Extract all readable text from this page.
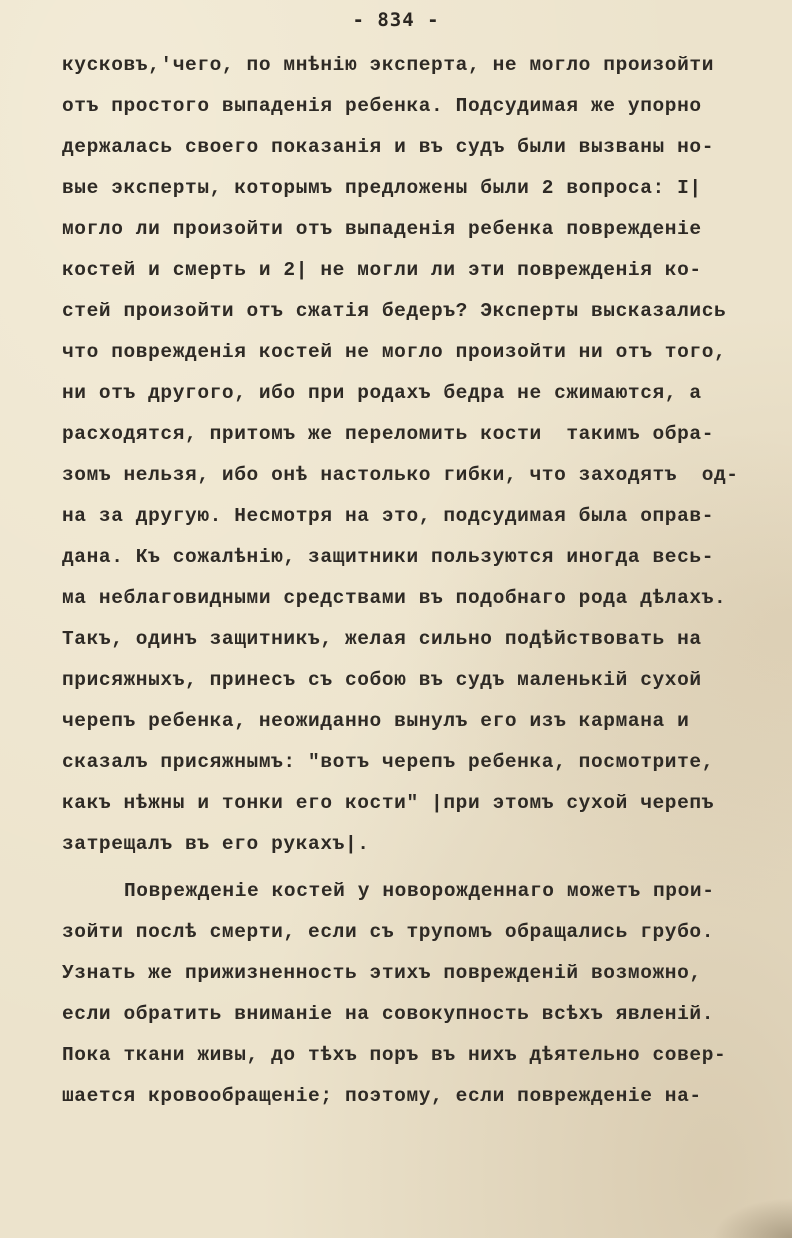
- 834 -
кусковъ,'чего, по мнѣнію эксперта, не могло произойти
отъ простого выпаденія ребенка. Подсудимая же упорно
держалась своего показанія и въ судъ были вызваны но-
вые эксперты, которымъ предложены были 2 вопроса: I|
могло ли произойти отъ выпаденія ребенка поврежденіе
костей и смерть и 2| не могли ли эти поврежденія ко-
стей произойти отъ сжатія бедеръ? Эксперты высказались
что поврежденія костей не могло произойти ни отъ того,
ни отъ другого, ибо при родахъ бедра не сжимаются, а
расходятся, притомъ же переломить кости  такимъ обра-
зомъ нельзя, ибо онѣ настолько гибки, что заходятъ  од-
на за другую. Несмотря на это, подсудимая была оправ-
дана. Къ сожалѣнію, защитники пользуются иногда весь-
ма неблаговидными средствами въ подобнаго рода дѣлахъ.
Такъ, одинъ защитникъ, желая сильно подѣйствовать на
присяжныхъ, принесъ съ собою въ судъ маленькій сухой
черепъ ребенка, неожиданно вынулъ его изъ кармана и
сказалъ присяжнымъ: "вотъ черепъ ребенка, посмотрите,
какъ нѣжны и тонки его кости" |при этомъ сухой черепъ
затрещалъ въ его рукахъ|.
Поврежденіе костей у новорожденнаго можетъ прои-
зойти послѣ смерти, если съ трупомъ обращались грубо.
Узнать же прижизненность этихъ повреждeній возможно,
если обратить вниманіе на совокупность всѣхъ явлeній.
Пока ткани живы, до тѣхъ поръ въ нихъ дѣятельно совер-
шается кровообращеніе; поэтому, если поврежденіе на-
